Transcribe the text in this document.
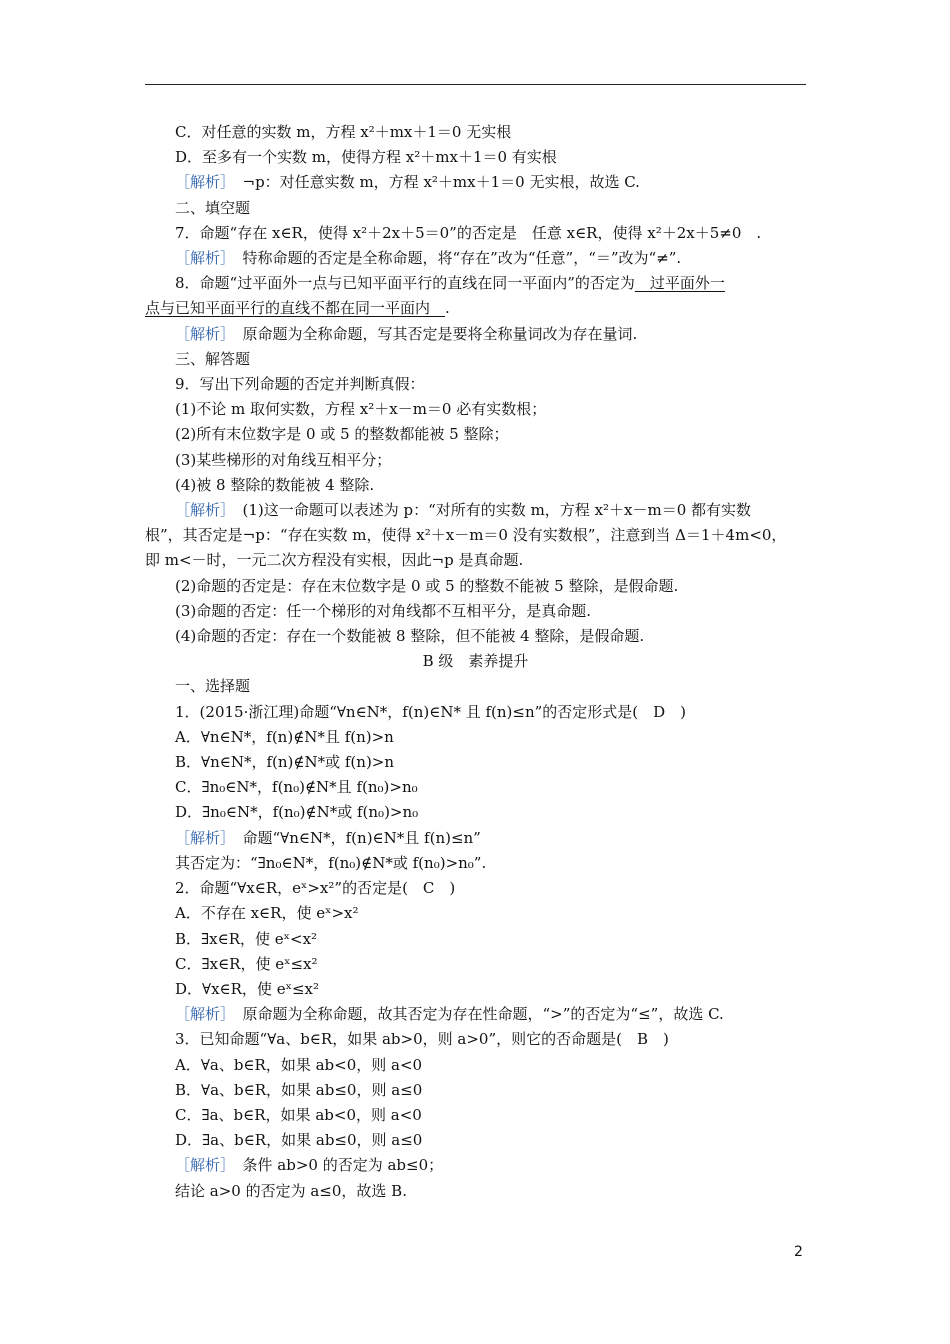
C．对任意的实数 m，方程 x²＋mx＋1＝0 无实根
D．至多有一个实数 m，使得方程 x²＋mx＋1＝0 有实根
［解析］　¬p：对任意实数 m，方程 x²＋mx＋1＝0 无实根，故选 C.
二、填空题
7．命题“存在 x∈R，使得 x²＋2x＋5＝0”的否定是　任意 x∈R，使得 x²＋2x＋5≠0　.
［解析］　特称命题的否定是全称命题，将“存在”改为“任意”，“＝”改为“≠”.
8．命题“过平面外一点与已知平面平行的直线在同一平面内”的否定为　过平面外一
点与已知平面平行的直线不都在同一平面内　.
［解析］　原命题为全称命题，写其否定是要将全称量词改为存在量词.
三、解答题
9．写出下列命题的否定并判断真假：
(1)不论 m 取何实数，方程 x²＋x－m＝0 必有实数根；
(2)所有末位数字是 0 或 5 的整数都能被 5 整除；
(3)某些梯形的对角线互相平分；
(4)被 8 整除的数能被 4 整除.
［解析］　(1)这一命题可以表述为 p：“对所有的实数 m，方程 x²＋x－m＝0 都有实数
根”，其否定是¬p：“存在实数 m，使得 x²＋x－m＝0 没有实数根”，注意到当 Δ＝1＋4m<0，
即 m<－时，一元二次方程没有实根，因此¬p 是真命题.
(2)命题的否定是：存在末位数字是 0 或 5 的整数不能被 5 整除，是假命题.
(3)命题的否定：任一个梯形的对角线都不互相平分，是真命题.
(4)命题的否定：存在一个数能被 8 整除，但不能被 4 整除，是假命题.
B 级　素养提升
一、选择题
1．(2015·浙江理)命题“∀n∈N*，f(n)∈N* 且 f(n)≤n”的否定形式是(　D　)
A．∀n∈N*，f(n)∉N*且 f(n)>n
B．∀n∈N*，f(n)∉N*或 f(n)>n
C．∃n₀∈N*，f(n₀)∉N*且 f(n₀)>n₀
D．∃n₀∈N*，f(n₀)∉N*或 f(n₀)>n₀
［解析］　命题“∀n∈N*，f(n)∈N*且 f(n)≤n”
其否定为：“∃n₀∈N*，f(n₀)∉N*或 f(n₀)>n₀”.
2．命题“∀x∈R，eˣ>x²”的否定是(　C　)
A．不存在 x∈R，使 eˣ>x²
B．∃x∈R，使 eˣ<x²
C．∃x∈R，使 eˣ≤x²
D．∀x∈R，使 eˣ≤x²
［解析］　原命题为全称命题，故其否定为存在性命题，“>”的否定为“≤”，故选 C.
3．已知命题“∀a、b∈R，如果 ab>0，则 a>0”，则它的否命题是(　B　)
A．∀a、b∈R，如果 ab<0，则 a<0
B．∀a、b∈R，如果 ab≤0，则 a≤0
C．∃a、b∈R，如果 ab<0，则 a<0
D．∃a、b∈R，如果 ab≤0，则 a≤0
［解析］　条件 ab>0 的否定为 ab≤0；
结论 a>0 的否定为 a≤0，故选 B.
2
